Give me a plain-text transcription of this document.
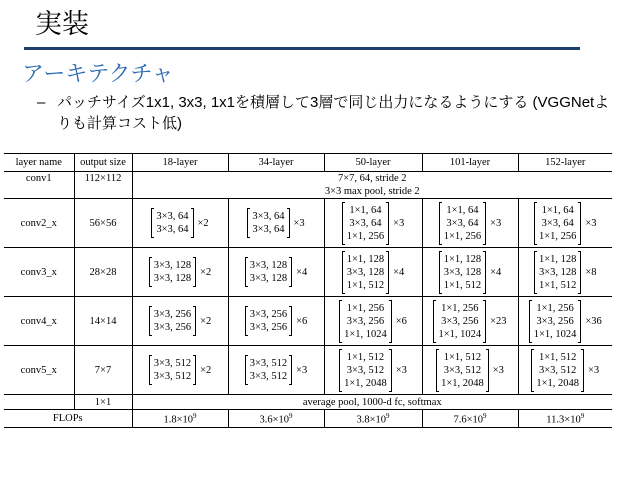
実装
アーキテクチャ
– パッチサイズ1x1, 3x3, 1x1を積層して3層で同じ出力になるようにする (VGGNetよりも計算コスト低)
layer name	output size	18-layer	34-layer	50-layer	101-layer	152-layer
conv1	112×112	7×7, 64, stride 2				
		3×3 max pool, stride 2				
conv2_x	56×56	3×3, 64
3×3, 64
×2	3×3, 64
3×3, 64
×3	1×1, 64
3×3, 64
1×1, 256
×3	1×1, 64
3×3, 64
1×1, 256
×3	1×1, 64
3×3, 64
1×1, 256
×3

conv3_x	28×28	3×3, 128
3×3, 128
×2	3×3, 128
3×3, 128
×4	1×1, 128
3×3, 128
1×1, 512
×4	1×1, 128
3×3, 128
1×1, 512
×4	1×1, 128
3×3, 128
1×1, 512
×8

conv4_x	14×14	3×3, 256
3×3, 256
×2	3×3, 256
3×3, 256
×6	1×1, 256
3×3, 256
1×1, 1024
×6	1×1, 256
3×3, 256
1×1, 1024
×23	1×1, 256
3×3, 256
1×1, 1024
×36

conv5_x	7×7	3×3, 512
3×3, 512
×2	3×3, 512
3×3, 512
×3	1×1, 512
3×3, 512
1×1, 2048
×3	1×1, 512
3×3, 512
1×1, 2048
×3	1×1, 512
3×3, 512
1×1, 2048
×3

	1×1	average pool, 1000-d fc, softmax				
FLOPs		$1.8\times 10^9$	$3.6\times 10^9$	$3.8\times 10^9$	$7.6\times 10^9$	$11.3\times 10^9$
